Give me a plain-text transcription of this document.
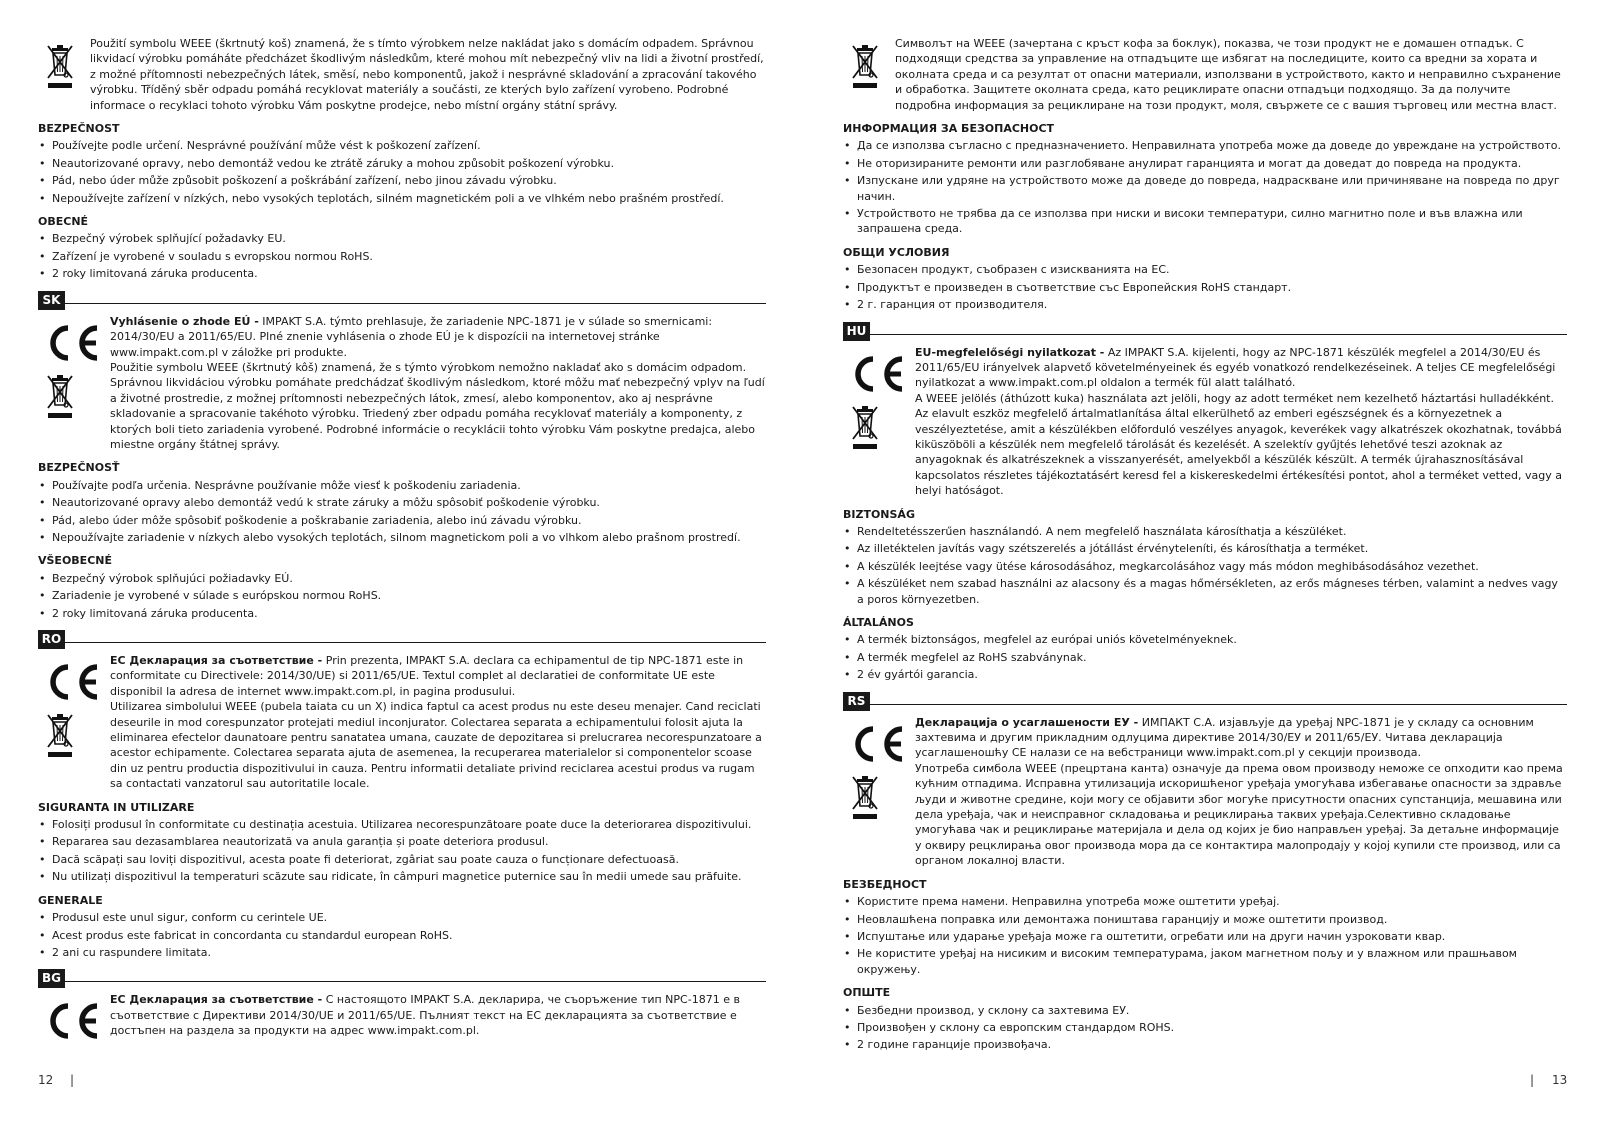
Použití symbolu WEEE (škrtnutý koš) znamená, že s tímto výrobkem nelze nakládat jako s domácím odpadem. Správnou likvidací výrobku pomáháte předcházet škodlivým následkům, které mohou mít nebezpečný vliv na lidi a životní prostředí, z možné přítomnosti nebezpečných látek, směsí, nebo komponentů, jakož i nesprávné skladování a zpracování takového výrobku. Tříděný sběr odpadu pomáhá recyklovat materiály a součásti, ze kterých bylo zařízení vyrobeno. Podrobné informace o recyklaci tohoto výrobku Vám poskytne prodejce, nebo místní orgány státní správy.
BEZPEČNOST
• Používejte podle určení. Nesprávné používání může vést k poškození zařízení.
• Neautorizované opravy, nebo demontáž vedou ke ztrátě záruky a mohou způsobit poškození výrobku.
• Pád, nebo úder může způsobit poškození a poškrábání zařízení, nebo jinou závadu výrobku.
• Nepoužívejte zařízení v nízkých, nebo vysokých teplotách, silném magnetickém poli a ve vlhkém nebo prašném prostředí.
OBECNÉ
• Bezpečný výrobek splňující požadavky EU.
• Zařízení je vyrobené v souladu s evropskou normou RoHS.
• 2 roky limitovaná záruka producenta.
SK
Vyhlásenie o zhode EÚ - IMPAKT S.A. týmto prehlasuje, že zariadenie NPC-1871 je v súlade so smernicami: 2014/30/EU a 2011/65/EU. Plné znenie vyhlásenia o zhode EÚ je k dispozícii na internetovej stránke www.impakt.com.pl v záložke pri produkte.
Použitie symbolu WEEE (škrtnutý kôš) znamená, že s týmto výrobkom nemožno nakladať ako s domácim odpadom. Správnou likvidáciou výrobku pomáhate predchádzať škodlivým následkom, ktoré môžu mať nebezpečný vplyv na ľudí a životné prostredie, z možnej prítomnosti nebezpečných látok, zmesí, alebo komponentov, ako aj nesprávne skladovanie a spracovanie takéhoto výrobku. Triedený zber odpadu pomáha recyklovať materiály a komponenty, z ktorých boli tieto zariadenia vyrobené. Podrobné informácie o recyklácii tohto výrobku Vám poskytne predajca, alebo miestne orgány štátnej správy.
BEZPEČNOSŤ
• Používajte podľa určenia. Nesprávne používanie môže viesť k poškodeniu zariadenia.
• Neautorizované opravy alebo demontáž vedú k strate záruky a môžu spôsobiť poškodenie výrobku.
• Pád, alebo úder môže spôsobiť poškodenie a poškrabanie zariadenia, alebo inú závadu výrobku.
• Nepoužívajte zariadenie v nízkych alebo vysokých teplotách, silnom magnetickom poli a vo vlhkom alebo prašnom prostredí.
VŠEOBECNÉ
• Bezpečný výrobok splňujúci požiadavky EÚ.
• Zariadenie je vyrobené v súlade s európskou normou RoHS.
• 2 roky limitovaná záruka producenta.
RO
EC Декларация за съответствие - Prin prezenta, IMPAKT S.A. declara ca echipamentul de tip NPC-1871 este in conformitate cu Directivele: 2014/30/UE) si 2011/65/UE. Textul complet al declaratiei de conformitate UE este disponibil la adresa de internet www.impakt.com.pl, in pagina produsului.
Utilizarea simbolului WEEE (pubela taiata cu un X) indica faptul ca acest produs nu este deseu menajer. Cand reciclati deseurile in mod corespunzator protejati mediul inconjurator. Colectarea separata a echipamentului folosit ajuta la eliminarea efectelor daunatoare pentru sanatatea umana, cauzate de depozitarea si prelucrarea necorespunzatoare a acestor echipamente. Colectarea separata ajuta de asemenea, la recuperarea materialelor si componentelor scoase din uz pentru productia dispozitivului in cauza. Pentru informatii detaliate privind reciclarea acestui produs va rugam sa contactati vanzatorul sau autoritatile locale.
SIGURANTA IN UTILIZARE
• Folosiți produsul în conformitate cu destinația acestuia. Utilizarea necorespunzătoare poate duce la deteriorarea dispozitivului.
• Repararea sau dezasamblarea neautorizată va anula garanția și poate deteriora produsul.
• Dacă scăpați sau loviți dispozitivul, acesta poate fi deteriorat, zgâriat sau poate cauza o funcționare defectuoasă.
• Nu utilizați dispozitivul la temperaturi scăzute sau ridicate, în câmpuri magnetice puternice sau în medii umede sau prăfuite.
GENERALE
• Produsul este unul sigur, conform cu cerintele UE.
• Acest produs este fabricat in concordanta cu standardul european RoHS.
• 2 ani cu raspundere limitata.
BG
ЕС Декларация за съответствие - С настоящото IMPAKT S.A. декларира, че съоръжение тип NPC-1871 е в съответствие с Директиви 2014/30/UE и 2011/65/UE. Пълният текст на ЕС декларацията за съответствие е достъпен на раздела за продукти на адрес www.impakt.com.pl.
12 |
Символът на WEEE (зачертана с кръст кофа за боклук), показва, че този продукт не е домашен отпадък. С подходящи средства за управление на отпадъците ще избягат на последиците, които са вредни за хората и околната среда и са резултат от опасни материали, използвани в устройството, както и неправилно съхранение и обработка. Защитете околната среда, като рециклирате опасни отпадъци подходящо. За да получите подробна информация за рециклиране на този продукт, моля, свържете се с вашия търговец или местна власт.
ИНФОРМАЦИЯ ЗА БЕЗОПАСНОСТ
• Да се използва съгласно с предназначението. Неправилната употреба може да доведе до увреждане на устройството.
• Не оторизираните ремонти или разглобяване анулират гаранцията и могат да доведат до повреда на продукта.
• Изпускане или удряне на устройството може да доведе до повреда, надраскване или причиняване на повреда по друг начин.
• Устройството не трябва да се използва при ниски и високи температури, силно магнитно поле и във влажна или запрашена среда.
ОБЩИ УСЛОВИЯ
• Безопасен продукт, съобразен с изискванията на ЕС.
• Продуктът е произведен в съответствие със Европейския RoHS стандарт.
• 2 г. гаранция от производителя.
HU
EU-megfelelőségi nyilatkozat - Az IMPAKT S.A. kijelenti, hogy az NPC-1871 készülék megfelel a 2014/30/EU és 2011/65/EU irányelvek alapvető követelményeinek és egyéb vonatkozó rendelkezéseinek. A teljes CE megfelelőségi nyilatkozat a www.impakt.com.pl oldalon a termék fül alatt található.
A WEEE jelölés (áthúzott kuka) használata azt jelöli, hogy az adott terméket nem kezelhető háztartási hulladékként. Az elavult eszköz megfelelő ártalmatlanítása által elkerülhető az emberi egészségnek és a környezetnek a veszélyeztetése, amit a készülékben előforduló veszélyes anyagok, keverékek vagy alkatrészek okozhatnak, továbbá kiküszöböli a készülék nem megfelelő tárolását és kezelését. A szelektív gyűjtés lehetővé teszi azoknak az anyagoknak és alkatrészeknek a visszanyerését, amelyekből a készülék készült. A termék újrahasznosításával kapcsolatos részletes tájékoztatásért keresd fel a kiskereskedelmi értékesítési pontot, ahol a terméket vetted, vagy a helyi hatóságot.
BIZTONSÁG
• Rendeltetésszerűen használandó. A nem megfelelő használata károsíthatja a készüléket.
• Az illetéktelen javítás vagy szétszerelés a jótállást érvényteleníti, és károsíthatja a terméket.
• A készülék leejtése vagy ütése károsodásához, megkarcolásához vagy más módon meghibásodásához vezethet.
• A készüléket nem szabad használni az alacsony és a magas hőmérsékleten, az erős mágneses térben, valamint a nedves vagy a poros környezetben.
ÁLTALÁNOS
• A termék biztonságos, megfelel az európai uniós követelményeknek.
• A termék megfelel az RoHS szabványnak.
• 2 év gyártói garancia.
RS
Декларација о усаглашености ЕУ - ИМПАКТ С.А. изјављује да уређај NPC-1871 је у складу са основним захтевима и другим прикладним одлуцима директиве 2014/30/ЕУ и 2011/65/ЕУ. Читава декларација усаглашеношћу CE налази се на вебстраници www.impakt.com.pl у секцији производа.
Употреба симбола WEEE (прецртана канта) означује да према овом производу неможе се опходити као према кућним отпадима. Исправна утилизација искоришћеног уређаја умогућава избегавање опасности за здравље људи и животне средине, који могу се објавити због могуће присутности опасних супстанција, мешавина или дела уређаја, чак и неисправног складовања и рециклирања таквих уређаја.Селективно складовање умогућава чак и рециклирање материјала и дела од којих је био направљен уређај. За детаљне информације у оквиру рецклирања овог производа мора да се контактира малопродају у којој купили сте производ, или са органом локалној власти.
БЕЗБЕДНОСТ
• Користите према намени. Неправилна употреба може оштетити уређај.
• Неовлашћена поправка или демонтажа поништава гаранцију и може оштетити производ.
• Испуштање или ударање уређаја може га оштетити, огребати или на други начин узроковати квар.
• Не користите уређај на нисиким и високим температурама, јаком магнетном пољу и у влажном или прашњавом окружењу.
ОПШТЕ
• Безбедни производ, у склону са захтевима ЕУ.
• Произвођен у склону са европским стандардом ROHS.
• 2 године гаранције произвођача.
| 13
